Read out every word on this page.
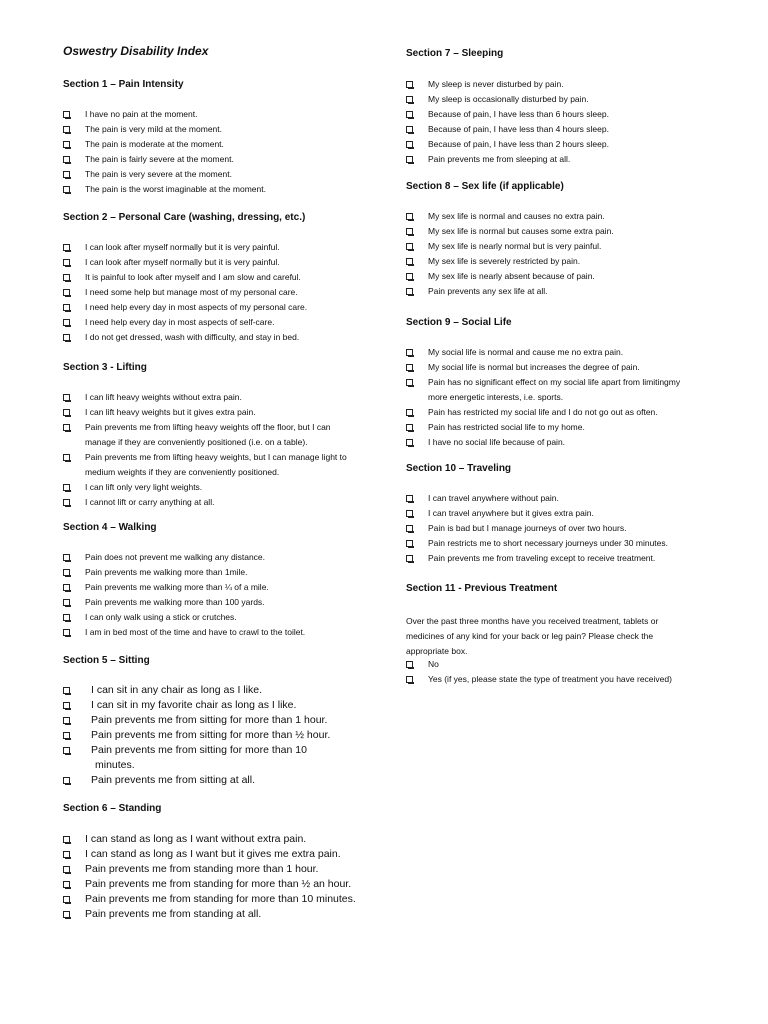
Oswestry Disability Index
Section 1 – Pain Intensity
I have no pain at the moment.
The pain is very mild at the moment.
The pain is moderate at the moment.
The pain is fairly severe at the moment.
The pain is very severe at the moment.
The pain is the worst imaginable at the moment.
Section 2 – Personal Care (washing, dressing, etc.)
I can look after myself normally but it is very painful.
I can look after myself normally but it is very painful.
It is painful to look after myself and I am slow and careful.
I need some help but manage most of my personal care.
I need help every day in most aspects of my personal care.
I need help every day in most aspects of self-care.
I do not get dressed, wash with difficulty, and stay in bed.
Section 3 - Lifting
I can lift heavy weights without extra pain.
I can lift heavy weights but it gives extra pain.
Pain prevents me from lifting heavy weights off the floor, but I can
manage if they are conveniently positioned (i.e. on a table).
Pain prevents me from lifting heavy weights, but I can manage light to
medium weights if they are conveniently positioned.
I can lift only very light weights.
I cannot lift or carry anything at all.
Section 4 – Walking
Pain does not prevent me walking any distance.
Pain prevents me walking more than 1mile.
Pain prevents me walking more than ¼ of a mile.
Pain prevents me walking more than 100 yards.
I can only walk using a stick or crutches.
I am in bed most of the time and have to crawl to the toilet.
Section 5 – Sitting
I can sit in any chair as long as I like.
I can sit in my favorite chair as long as I like.
Pain prevents me from sitting for more than 1 hour.
Pain prevents me from sitting for more than ½ hour.
Pain prevents me from sitting for more than 10
minutes.
Pain prevents me from sitting at all.
Section 6 – Standing
I can stand as long as I want without extra pain.
I can stand as long as I want but it gives me extra pain.
Pain prevents me from standing more than 1 hour.
Pain prevents me from standing for more than ½ an hour.
Pain prevents me from standing for more than 10 minutes.
Pain prevents me from standing at all.
Section 7 – Sleeping
My sleep is never disturbed by pain.
My sleep is occasionally disturbed by pain.
Because of pain, I have less than 6 hours sleep.
Because of pain, I have less than 4 hours sleep.
Because of pain, I have less than 2 hours sleep.
Pain prevents me from sleeping at all.
Section 8 – Sex life (if applicable)
My sex life is normal and causes no extra pain.
My sex life is normal but causes some extra pain.
My sex life is nearly normal but is very painful.
My sex life is severely restricted by pain.
My sex life is nearly absent because of pain.
Pain prevents any sex life at all.
Section 9 – Social Life
My social life is normal and cause me no extra pain.
My social life is normal but increases the degree of pain.
Pain has no significant effect on my social life apart from limitingmy
more energetic interests, i.e. sports.
Pain has restricted my social life and I do not go out as often.
Pain has restricted social life to my home.
I have no social life because of pain.
Section 10 – Traveling
I can travel anywhere without pain.
I can travel anywhere but it gives extra pain.
Pain is bad but I manage journeys of over two hours.
Pain restricts me to short necessary journeys under 30 minutes.
Pain prevents me from traveling except to receive treatment.
Section 11 - Previous Treatment
Over the past three months have you received treatment, tablets or
medicines of any kind for your back or leg pain? Please check the
appropriate box.
No
Yes (if yes, please state the type of treatment you have received)
